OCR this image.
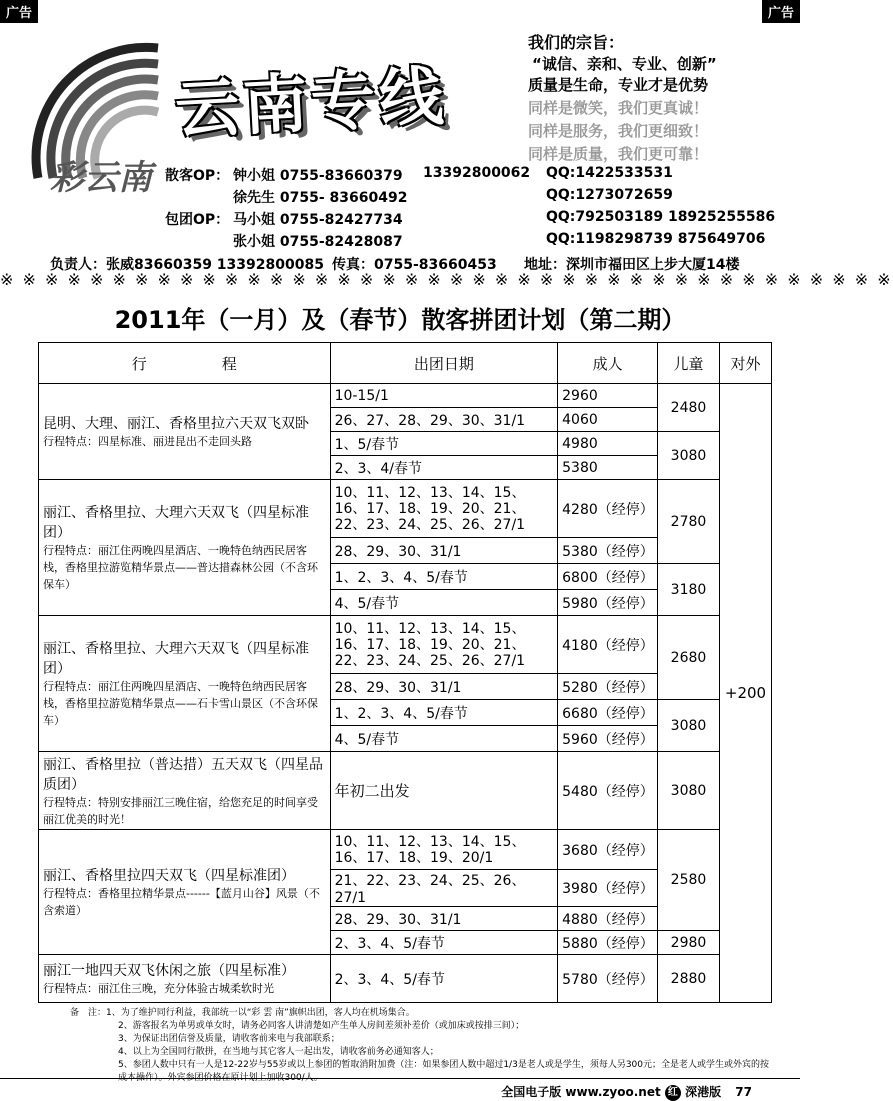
广告	广告
云南专线
彩云南
我们的宗旨：
“诚信、亲和、专业、创新”
质量是生命，专业才是优势
同样是微笑，我们更真诚！
同样是服务，我们更细致！
同样是质量，我们更可靠！
散客OP： 钟小姐 0755-83660379 13392800062 QQ:1422533531
徐先生 0755- 83660492	QQ:1273072659
包团OP： 马小姐 0755-82427734	QQ:792503189 18925255586
张小姐 0755-82428087	QQ:1198298739 875649706
负责人：张威83660359 13392800085 传真：0755-83660453 地址：深圳市福田区上步大厦14楼
※ ※ ※ ※ ※ ※ ※ ※ ※ ※ ※ ※ ※ ※ ※ ※ ※ ※ ※ ※ ※ ※ ※ ※ ※ ※ ※ ※ ※ ※ ※ ※ ※ ※ ※ ※ ※ ※ ※ ※
2011年（一月）及（春节）散客拼团计划（第二期）
行　　　　　程	出团日期	成人	儿童	对外

昆明、大理、丽江、香格里拉六天双飞双卧
行程特点：四星标准、丽进昆出不走回头路	10-15/1	2960	2480	+200
	26、27、28、29、30、31/1	4060		
	1、5/春节	4980	3080	
	2、3、4/春节	5380		

丽江、香格里拉、大理六天双飞（四星标准团）
行程特点：丽江住两晚四星酒店、一晚特色纳西民居客栈，香格里拉游览精华景点——普达措森林公园（不含环保车）	10、11、12、13、14、15、16、17、18、19、20、21、22、23、24、25、26、27/1	4280（经停）	2780	
	28、29、30、31/1	5380（经停）		
	1、2、3、4、5/春节	6800（经停）	3180	
	4、5/春节	5980（经停）		

丽江、香格里拉、大理六天双飞（四星标准团）
行程特点：丽江住两晚四星酒店、一晚特色纳西民居客栈，香格里拉游览精华景点——石卡雪山景区（不含环保车）	10、11、12、13、14、15、16、17、18、19、20、21、22、23、24、25、26、27/1	4180（经停）	2680	
	28、29、30、31/1	5280（经停）		
	1、2、3、4、5/春节	6680（经停）	3080	
	4、5/春节	5960（经停）		

丽江、香格里拉（普达措）五天双飞（四星品质团）
行程特点：特别安排丽江三晚住宿，给您充足的时间享受丽江优美的时光！	年初二出发	5480（经停）	3080	

丽江、香格里拉四天双飞（四星标准团）
行程特点：香格里拉精华景点------【蓝月山谷】风景（不含索道）	10、11、12、13、14、15、16、17、18、19、20/1	3680（经停）	2580	
	21、22、23、24、25、26、27/1	3980（经停）		
	28、29、30、31/1	4880（经停）		
	2、3、4、5/春节	5880（经停）	2980	

丽江一地四天双飞休闲之旅（四星标准）
行程特点：丽江住三晚，充分体验古城柔软时光	2、3、4、5/春节	5780（经停）	2880	
备　注：1、为了维护同行利益，我部统一以“彩 雲 南”旗帜出团，客人均在机场集合。
2、游客报名为单男或单女时，请务必同客人讲清楚如产生单人房间差须补差价（或加床或按排三间）；
3、为保证出团信誉及质量，请收客前来电与我部联系；
4、以上为全国同行散拼，在当地与其它客人一起出发，请收客前务必通知客人；
5、参团人数中只有一人是12-22岁与55岁或以上参团的暂取消附加费（注：如果参团人数中超过1/3是老人或是学生，须每人另300元；全是老人或学生或外宾的按成本操作）。外宾参团价格在原计划上加收300/人。
全国电子版 www.zyoo.net 红 深港版 77
